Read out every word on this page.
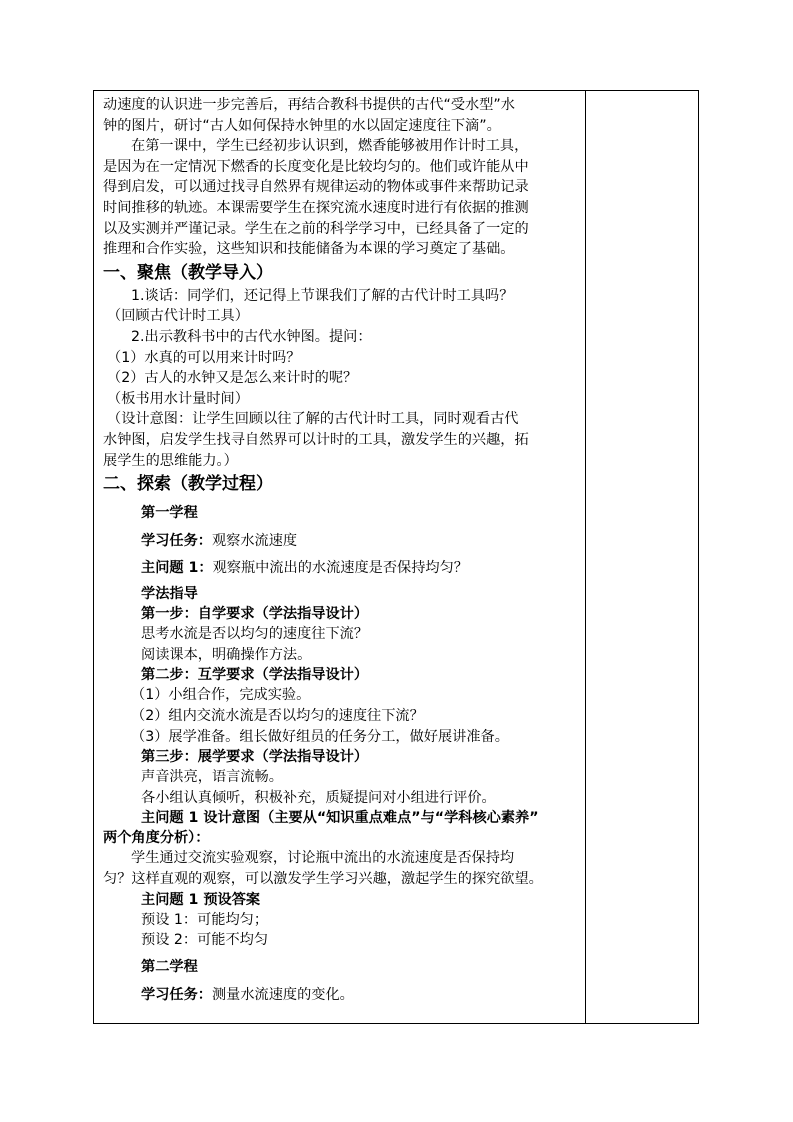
动速度的认识进一步完善后，再结合教科书提供的古代“受水型”水
钟的图片，研讨“古人如何保持水钟里的水以固定速度往下滴”。
在第一课中，学生已经初步认识到，燃香能够被用作计时工具，
是因为在一定情况下燃香的长度变化是比较均匀的。他们或许能从中
得到启发，可以通过找寻自然界有规律运动的物体或事件来帮助记录
时间推移的轨迹。本课需要学生在探究流水速度时进行有依据的推测
以及实测并严谨记录。学生在之前的科学学习中，已经具备了一定的
推理和合作实验，这些知识和技能储备为本课的学习奠定了基础。
一、聚焦（教学导入）
1.谈话：同学们，还记得上节课我们了解的古代计时工具吗？
（回顾古代计时工具）
2.出示教科书中的古代水钟图。提问：
（1）水真的可以用来计时吗？
（2）古人的水钟又是怎么来计时的呢？
（板书用水计量时间）
（设计意图：让学生回顾以往了解的古代计时工具，同时观看古代
水钟图，启发学生找寻自然界可以计时的工具，激发学生的兴趣，拓
展学生的思维能力。）
二、探索（教学过程）
第一学程
学习任务：观察水流速度
主问题 1：观察瓶中流出的水流速度是否保持均匀？
学法指导
第一步：自学要求（学法指导设计）
思考水流是否以均匀的速度往下流？
阅读课本，明确操作方法。
第二步：互学要求（学法指导设计）
（1）小组合作，完成实验。
（2）组内交流水流是否以均匀的速度往下流？
（3）展学准备。组长做好组员的任务分工，做好展讲准备。
第三步：展学要求（学法指导设计）
声音洪亮，语言流畅。
各小组认真倾听，积极补充，质疑提问对小组进行评价。
主问题 1 设计意图（主要从“知识重点难点”与“学科核心素养”
两个角度分析）：
学生通过交流实验观察，讨论瓶中流出的水流速度是否保持均
匀？这样直观的观察，可以激发学生学习兴趣，激起学生的探究欲望。
主问题 1 预设答案
预设 1：可能均匀；
预设 2：可能不均匀
第二学程
学习任务：测量水流速度的变化。
